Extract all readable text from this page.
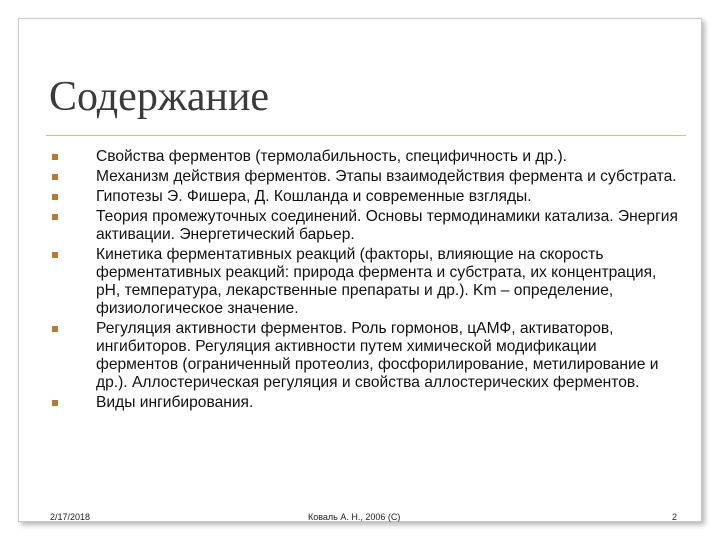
Содержание
Свойства ферментов (термолабильность, специфичность и др.).
Механизм действия ферментов. Этапы взаимодействия фермента и субстрата.
Гипотезы Э. Фишера, Д. Кошланда и современные взгляды.
Теория промежуточных соединений. Основы термодинамики катализа. Энергия активации. Энергетический барьер.
Кинетика ферментативных реакций (факторы, влияющие на скорость ферментативных реакций: природа фермента и субстрата, их концентрация, рН, температура, лекарственные препараты и др.). Km – определение, физиологическое значение.
Регуляция активности ферментов. Роль гормонов, цАМФ, активаторов, ингибиторов. Регуляция активности путем химической модификации ферментов (ограниченный протеолиз, фосфорилирование, метилирование и др.). Аллостерическая регуляция и свойства аллостерических ферментов.
Виды ингибирования.
2/17/2018	Коваль А. Н., 2006 (C)	2
